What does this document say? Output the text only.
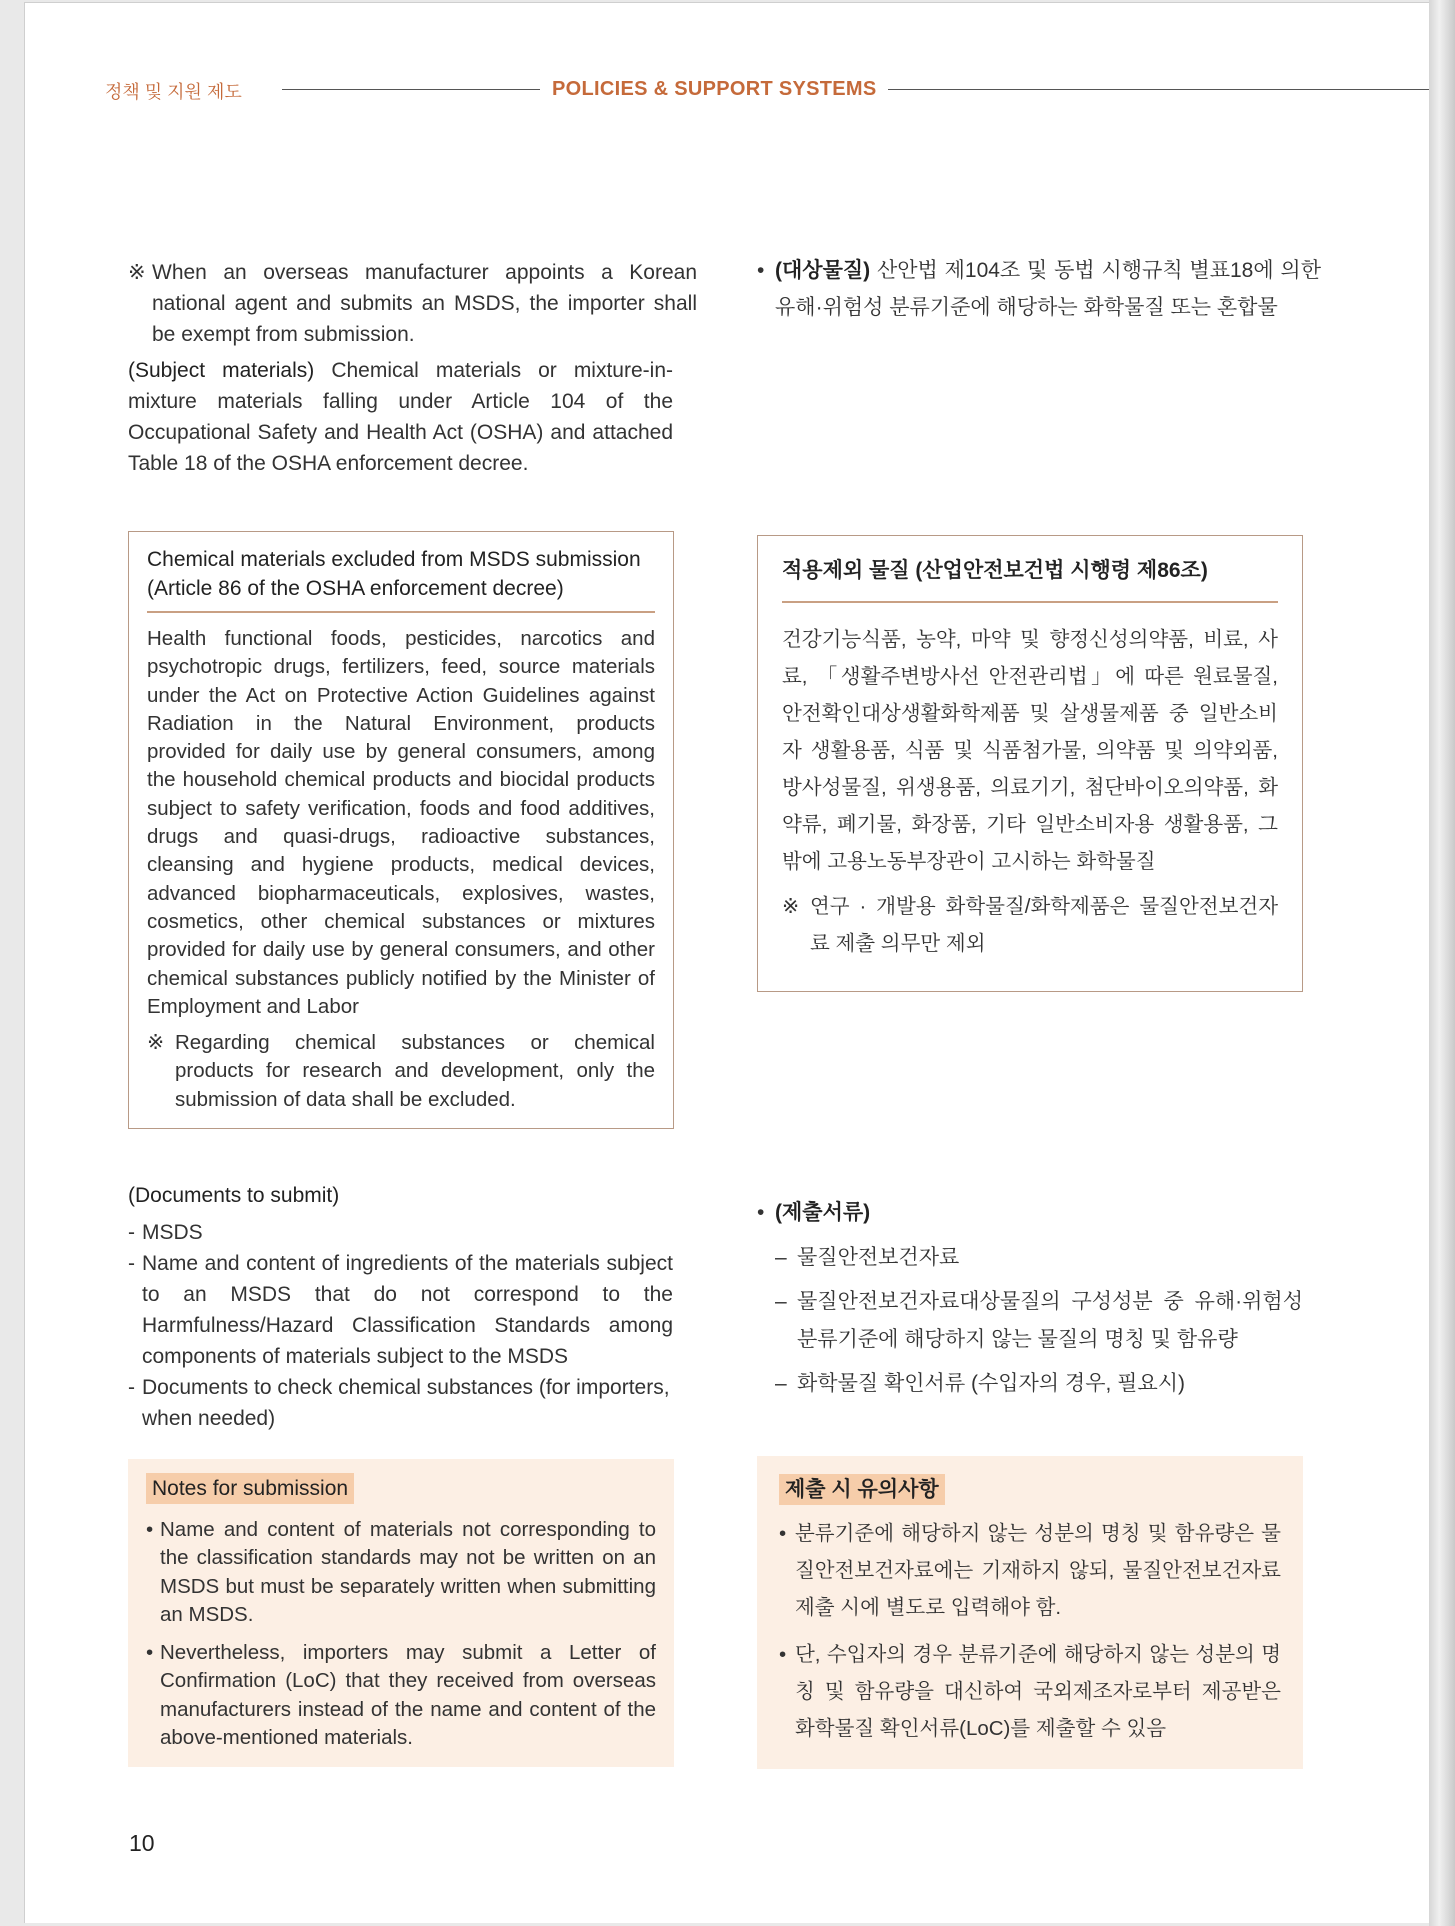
정책 및 지원 제도	POLICIES & SUPPORT SYSTEMS
※ When an overseas manufacturer appoints a Korean national agent and submits an MSDS, the importer shall be exempt from submission.
(Subject materials) Chemical materials or mixture-in-mixture materials falling under Article 104 of the Occupational Safety and Health Act (OSHA) and attached Table 18 of the OSHA enforcement decree.
• (대상물질) 산안법 제104조 및 동법 시행규칙 별표18에 의한 유해·위험성 분류기준에 해당하는 화학물질 또는 혼합물
Chemical materials excluded from MSDS submission (Article 86 of the OSHA enforcement decree)
Health functional foods, pesticides, narcotics and psychotropic drugs, fertilizers, feed, source materials under the Act on Protective Action Guidelines against Radiation in the Natural Environment, products provided for daily use by general consumers, among the household chemical products and biocidal products subject to safety verification, foods and food additives, drugs and quasi-drugs, radioactive substances, cleansing and hygiene products, medical devices, advanced biopharmaceuticals, explosives, wastes, cosmetics, other chemical substances or mixtures provided for daily use by general consumers, and other chemical substances publicly notified by the Minister of Employment and Labor
※ Regarding chemical substances or chemical products for research and development, only the submission of data shall be excluded.
적용제외 물질 (산업안전보건법 시행령 제86조)
건강기능식품, 농약, 마약 및 향정신성의약품, 비료, 사료, 「생활주변방사선 안전관리법」에 따른 원료물질, 안전확인대상생활화학제품 및 살생물제품 중 일반소비자 생활용품, 식품 및 식품첨가물, 의약품 및 의약외품, 방사성물질, 위생용품, 의료기기, 첨단바이오의약품, 화약류, 폐기물, 화장품, 기타 일반소비자용 생활용품, 그 밖에 고용노동부장관이 고시하는 화학물질
※ 연구 · 개발용 화학물질/화학제품은 물질안전보건자료 제출 의무만 제외
(Documents to submit)
- MSDS
- Name and content of ingredients of the materials subject to an MSDS that do not correspond to the Harmfulness/Hazard Classification Standards among components of materials subject to the MSDS
- Documents to check chemical substances (for importers, when needed)
• (제출서류)
– 물질안전보건자료
– 물질안전보건자료대상물질의 구성성분 중 유해·위험성 분류기준에 해당하지 않는 물질의 명칭 및 함유량
– 화학물질 확인서류 (수입자의 경우, 필요시)
Notes for submission
• Name and content of materials not corresponding to the classification standards may not be written on an MSDS but must be separately written when submitting an MSDS.
• Nevertheless, importers may submit a Letter of Confirmation (LoC) that they received from overseas manufacturers instead of the name and content of the above-mentioned materials.
제출 시 유의사항
• 분류기준에 해당하지 않는 성분의 명칭 및 함유량은 물질안전보건자료에는 기재하지 않되, 물질안전보건자료 제출 시에 별도로 입력해야 함.
• 단, 수입자의 경우 분류기준에 해당하지 않는 성분의 명칭 및 함유량을 대신하여 국외제조자로부터 제공받은 화학물질 확인서류(LoC)를 제출할 수 있음
10
